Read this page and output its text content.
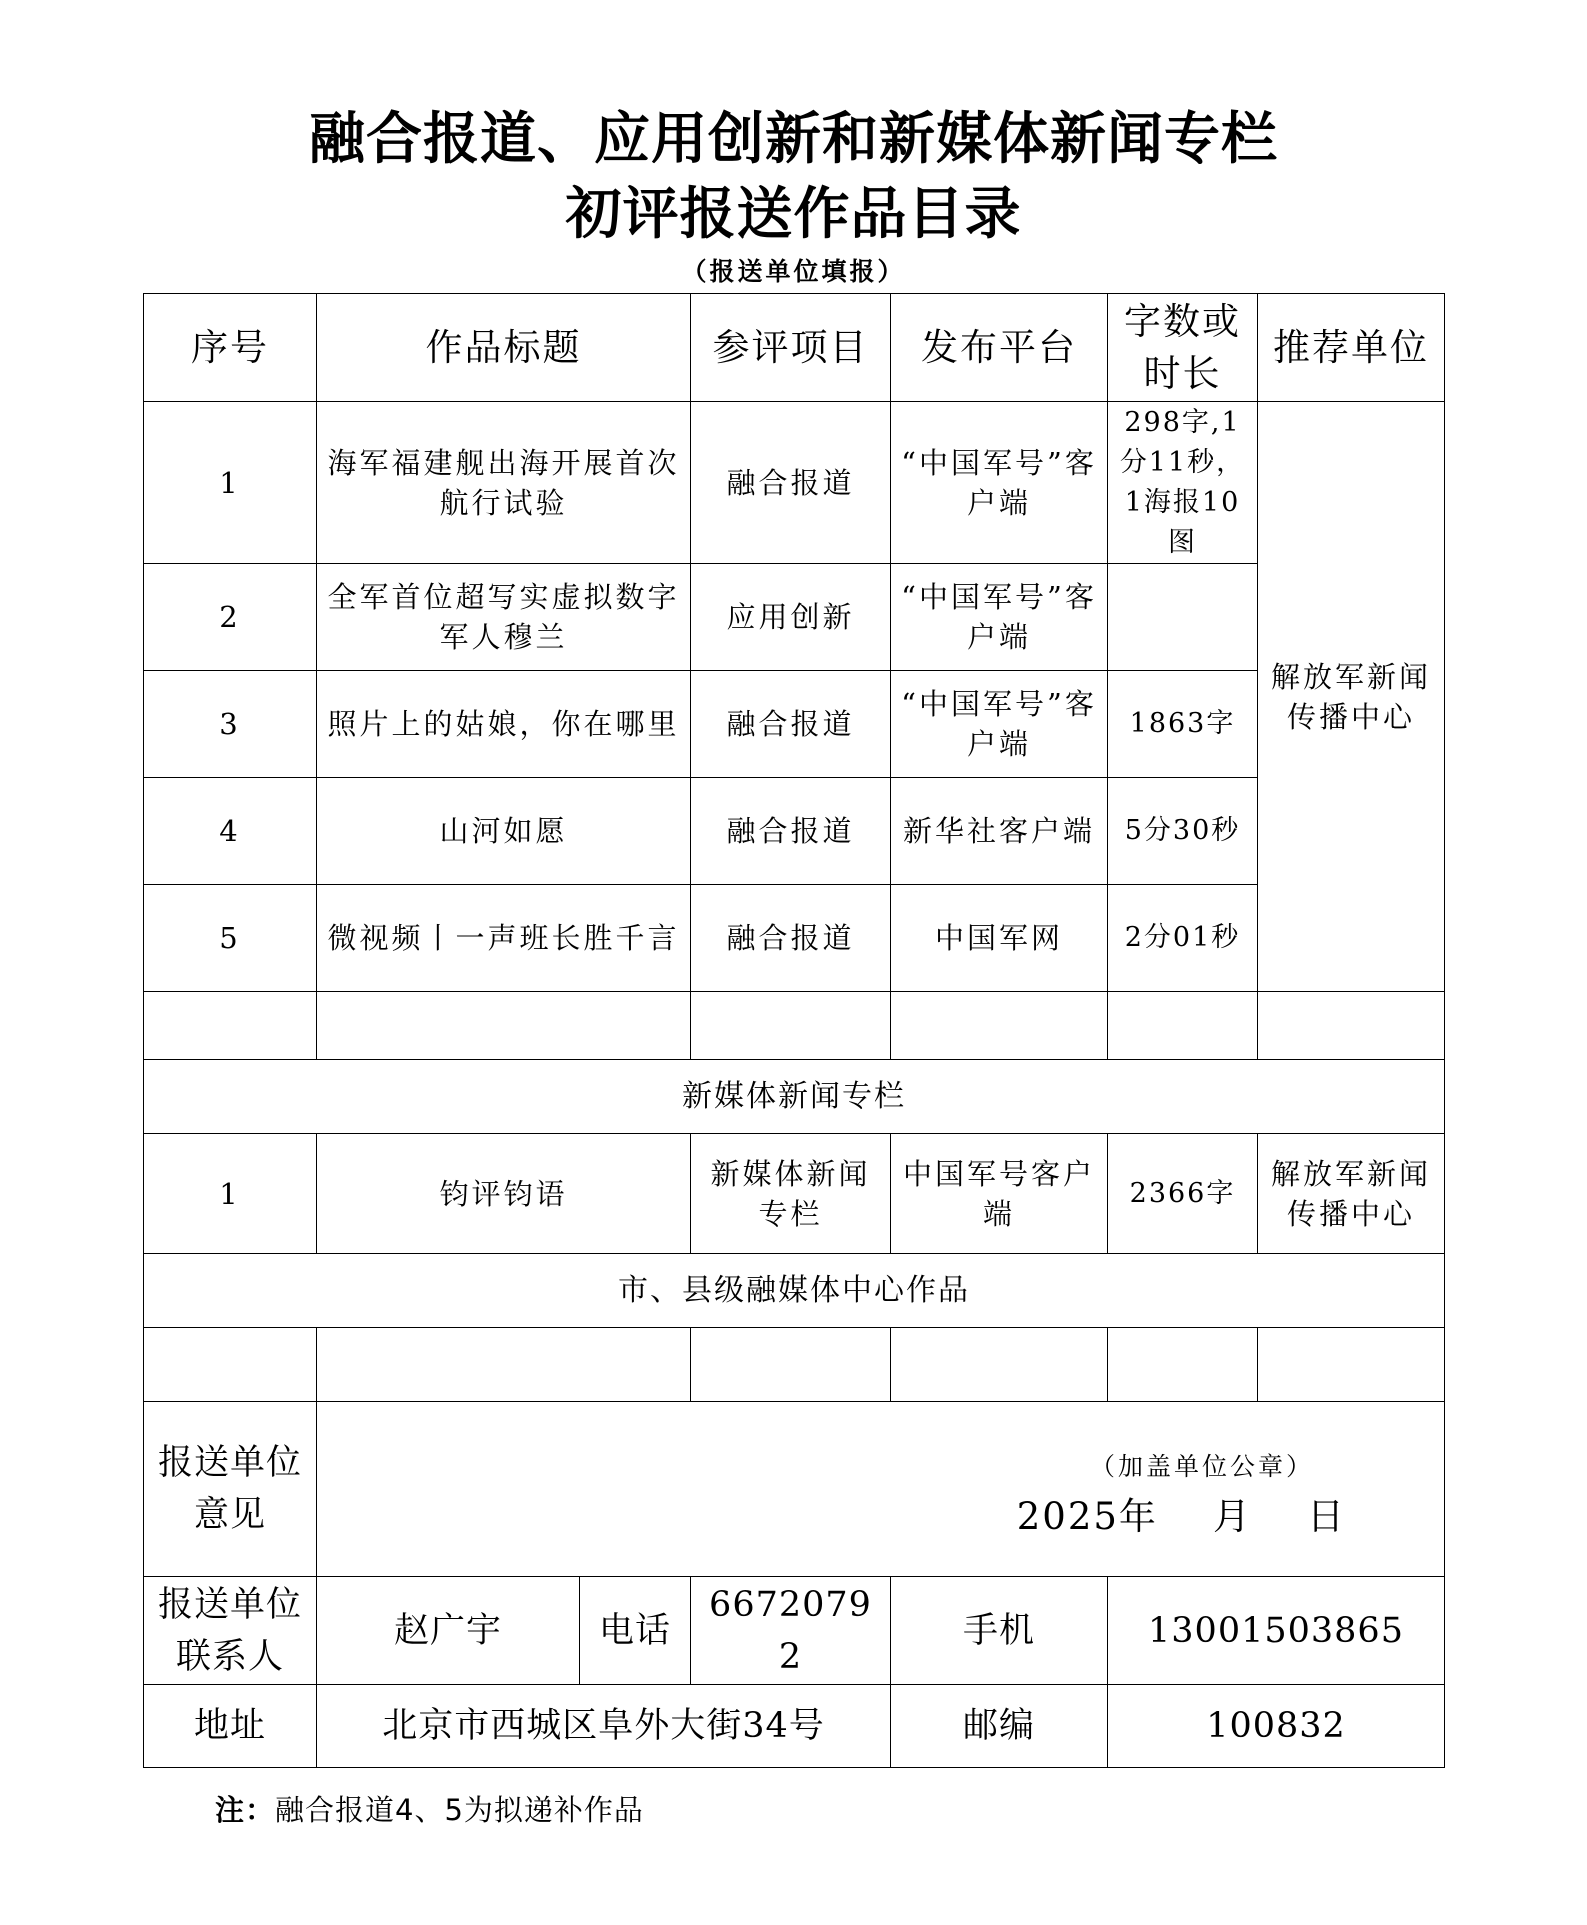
融合报道、应用创新和新媒体新闻专栏
初评报送作品目录
（报送单位填报）
序号	作品标题		参评项目	发布平台	字数或时长	推荐单位
1	海军福建舰出海开展首次航行试验		融合报道	“中国军号”客户端	298字,1分11秒，1海报10图	解放军新闻传播中心
2	全军首位超写实虚拟数字军人穆兰		应用创新	“中国军号”客户端		
3	照片上的姑娘，你在哪里		融合报道	“中国军号”客户端	1863字	
4	山河如愿		融合报道	新华社客户端	5分30秒	
5	微视频丨一声班长胜千言		融合报道	中国军网	2分01秒	

新媒体新闻专栏						
1	钧评钧语		新媒体新闻专栏	中国军号客户端	2366字	解放军新闻传播中心
市、县级融媒体中心作品						

报送单位意见	（加盖单位公章）
2025年    月    日					

报送单位联系人	赵广宇	电话	66720792	手机	13001503865	
地址	北京市西城区阜外大街34号			邮编	100832	
注：融合报道4、5为拟递补作品
